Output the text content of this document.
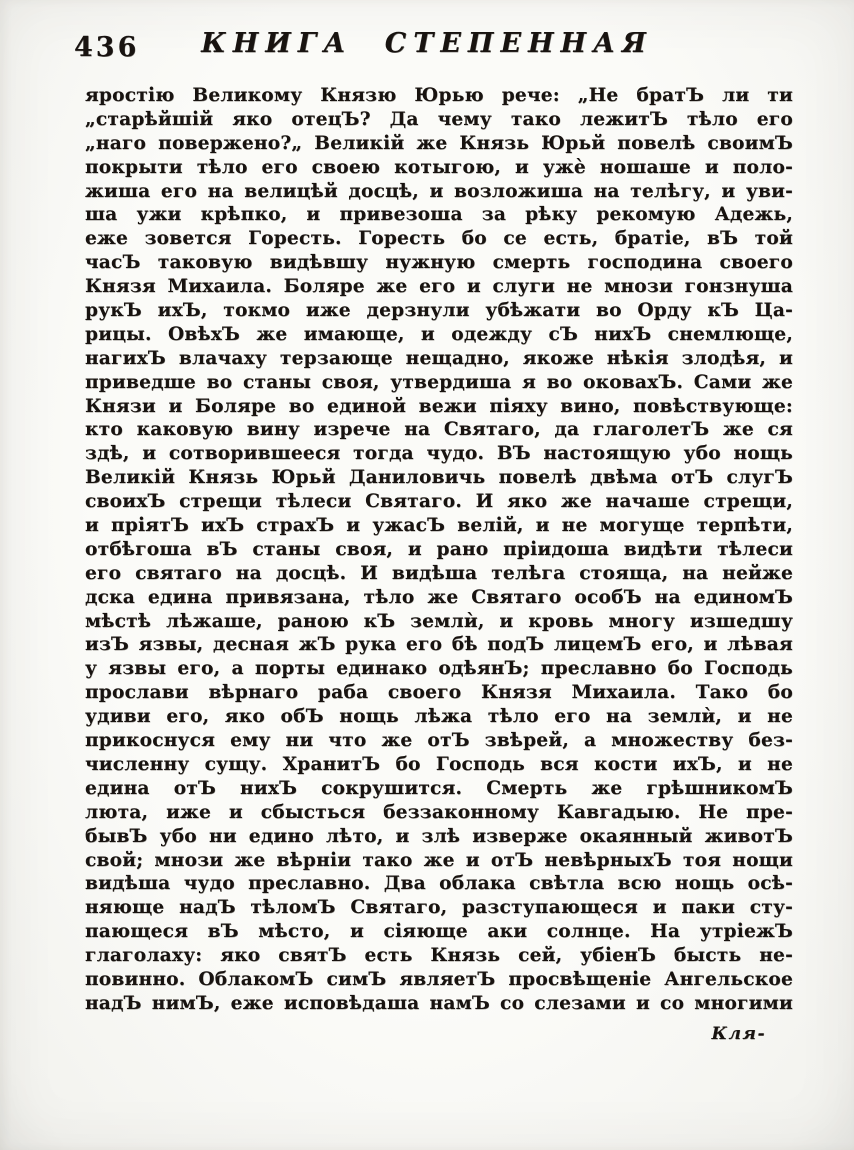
436	КНИГА СТЕПЕННАЯ
яростію Великому Князю Юрью рече: „Не братЪ ли ти
„старѣйшій яко отецЪ? Да чему тако лежитЪ тѣло его
„наго повержено?„ Великій же Князь Юрьй повелѣ своимЪ
покрыти тѣло его своею котыгою, и ужè ношаше и поло-
жиша его на велицѣй досцѣ, и возложиша на телѣгу, и уви-
ша ужи крѣпко, и привезоша за рѣку рекомую Адежь,
еже зовется Горесть. Горесть бо се есть, братіе, вЪ той
часЪ таковую видѣвшу нужную смерть господина своего
Князя Михаила. Боляре же его и слуги не мнози гонзнуша
рукЪ ихЪ, токмо иже дерзнули убѣжати во Орду кЪ Ца-
рицы. ОвѣхЪ же имающе, и одежду сЪ нихЪ снемлюще,
нагихЪ влачаху терзающе нещадно, якоже нѣкія злодѣя, и
приведше во станы своя, утвердиша я во оковахЪ. Сами же
Князи и Боляре во единой вежи піяху вино, повѣствующе:
кто каковую вину изрече на Святаго, да глаголетЪ же ся
здѣ, и сотворившееся тогда чудо. ВЪ настоящую убо нощь
Великій Князь Юрьй Даниловичь повелѣ двѣма отЪ слугЪ
своихЪ стрещи тѣлеси Святаго. И яко же начаше стрещи,
и пріятЪ ихЪ страхЪ и ужасЪ велій, и не могуще терпѣти,
отбѣгоша вЪ станы своя, и рано пріидоша видѣти тѣлеси
его святаго на досцѣ. И видѣша телѣга стояща, на нейже
дска едина привязана, тѣло же Святаго особЪ на единомЪ
мѣстѣ лѣжаше, раною кЪ землѝ, и кровь многу изшедшу
изЪ язвы, десная жЪ рука его бѣ подЪ лицемЪ его, и лѣвая
у язвы его, а порты единако одѣянЪ; преславно бо Господь
прослави вѣрнаго раба своего Князя Михаила. Тако бо
удиви его, яко обЪ нощь лѣжа тѣло его на землѝ, и не
прикоснуся ему ни что же отЪ звѣрей, а множеству без-
численну сущу. ХранитЪ бо Господь вся кости ихЪ, и не
едина отЪ нихЪ сокрушится. Смерть же грѣшникомЪ
люта, иже и сбысться беззаконному Кавгадыю. Не пре-
бывЪ убо ни едино лѣто, и злѣ изверже окаянный животЪ
свой; мнози же вѣрніи тако же и отЪ невѣрныхЪ тоя нощи
видѣша чудо преславно. Два облака свѣтла всю нощь осѣ-
няюще надЪ тѣломЪ Святаго, разступающеся и паки сту-
пающеся вЪ мѣсто, и сіяюще аки солнце. На утріежЪ
глаголаху: яко святЪ есть Князь сей, убіенЪ бысть не-
повинно. ОблакомЪ симЪ являетЪ просвѣщеніе Ангельское
надЪ нимЪ, еже исповѣдаша намЪ со слезами и со многими
Кля-
